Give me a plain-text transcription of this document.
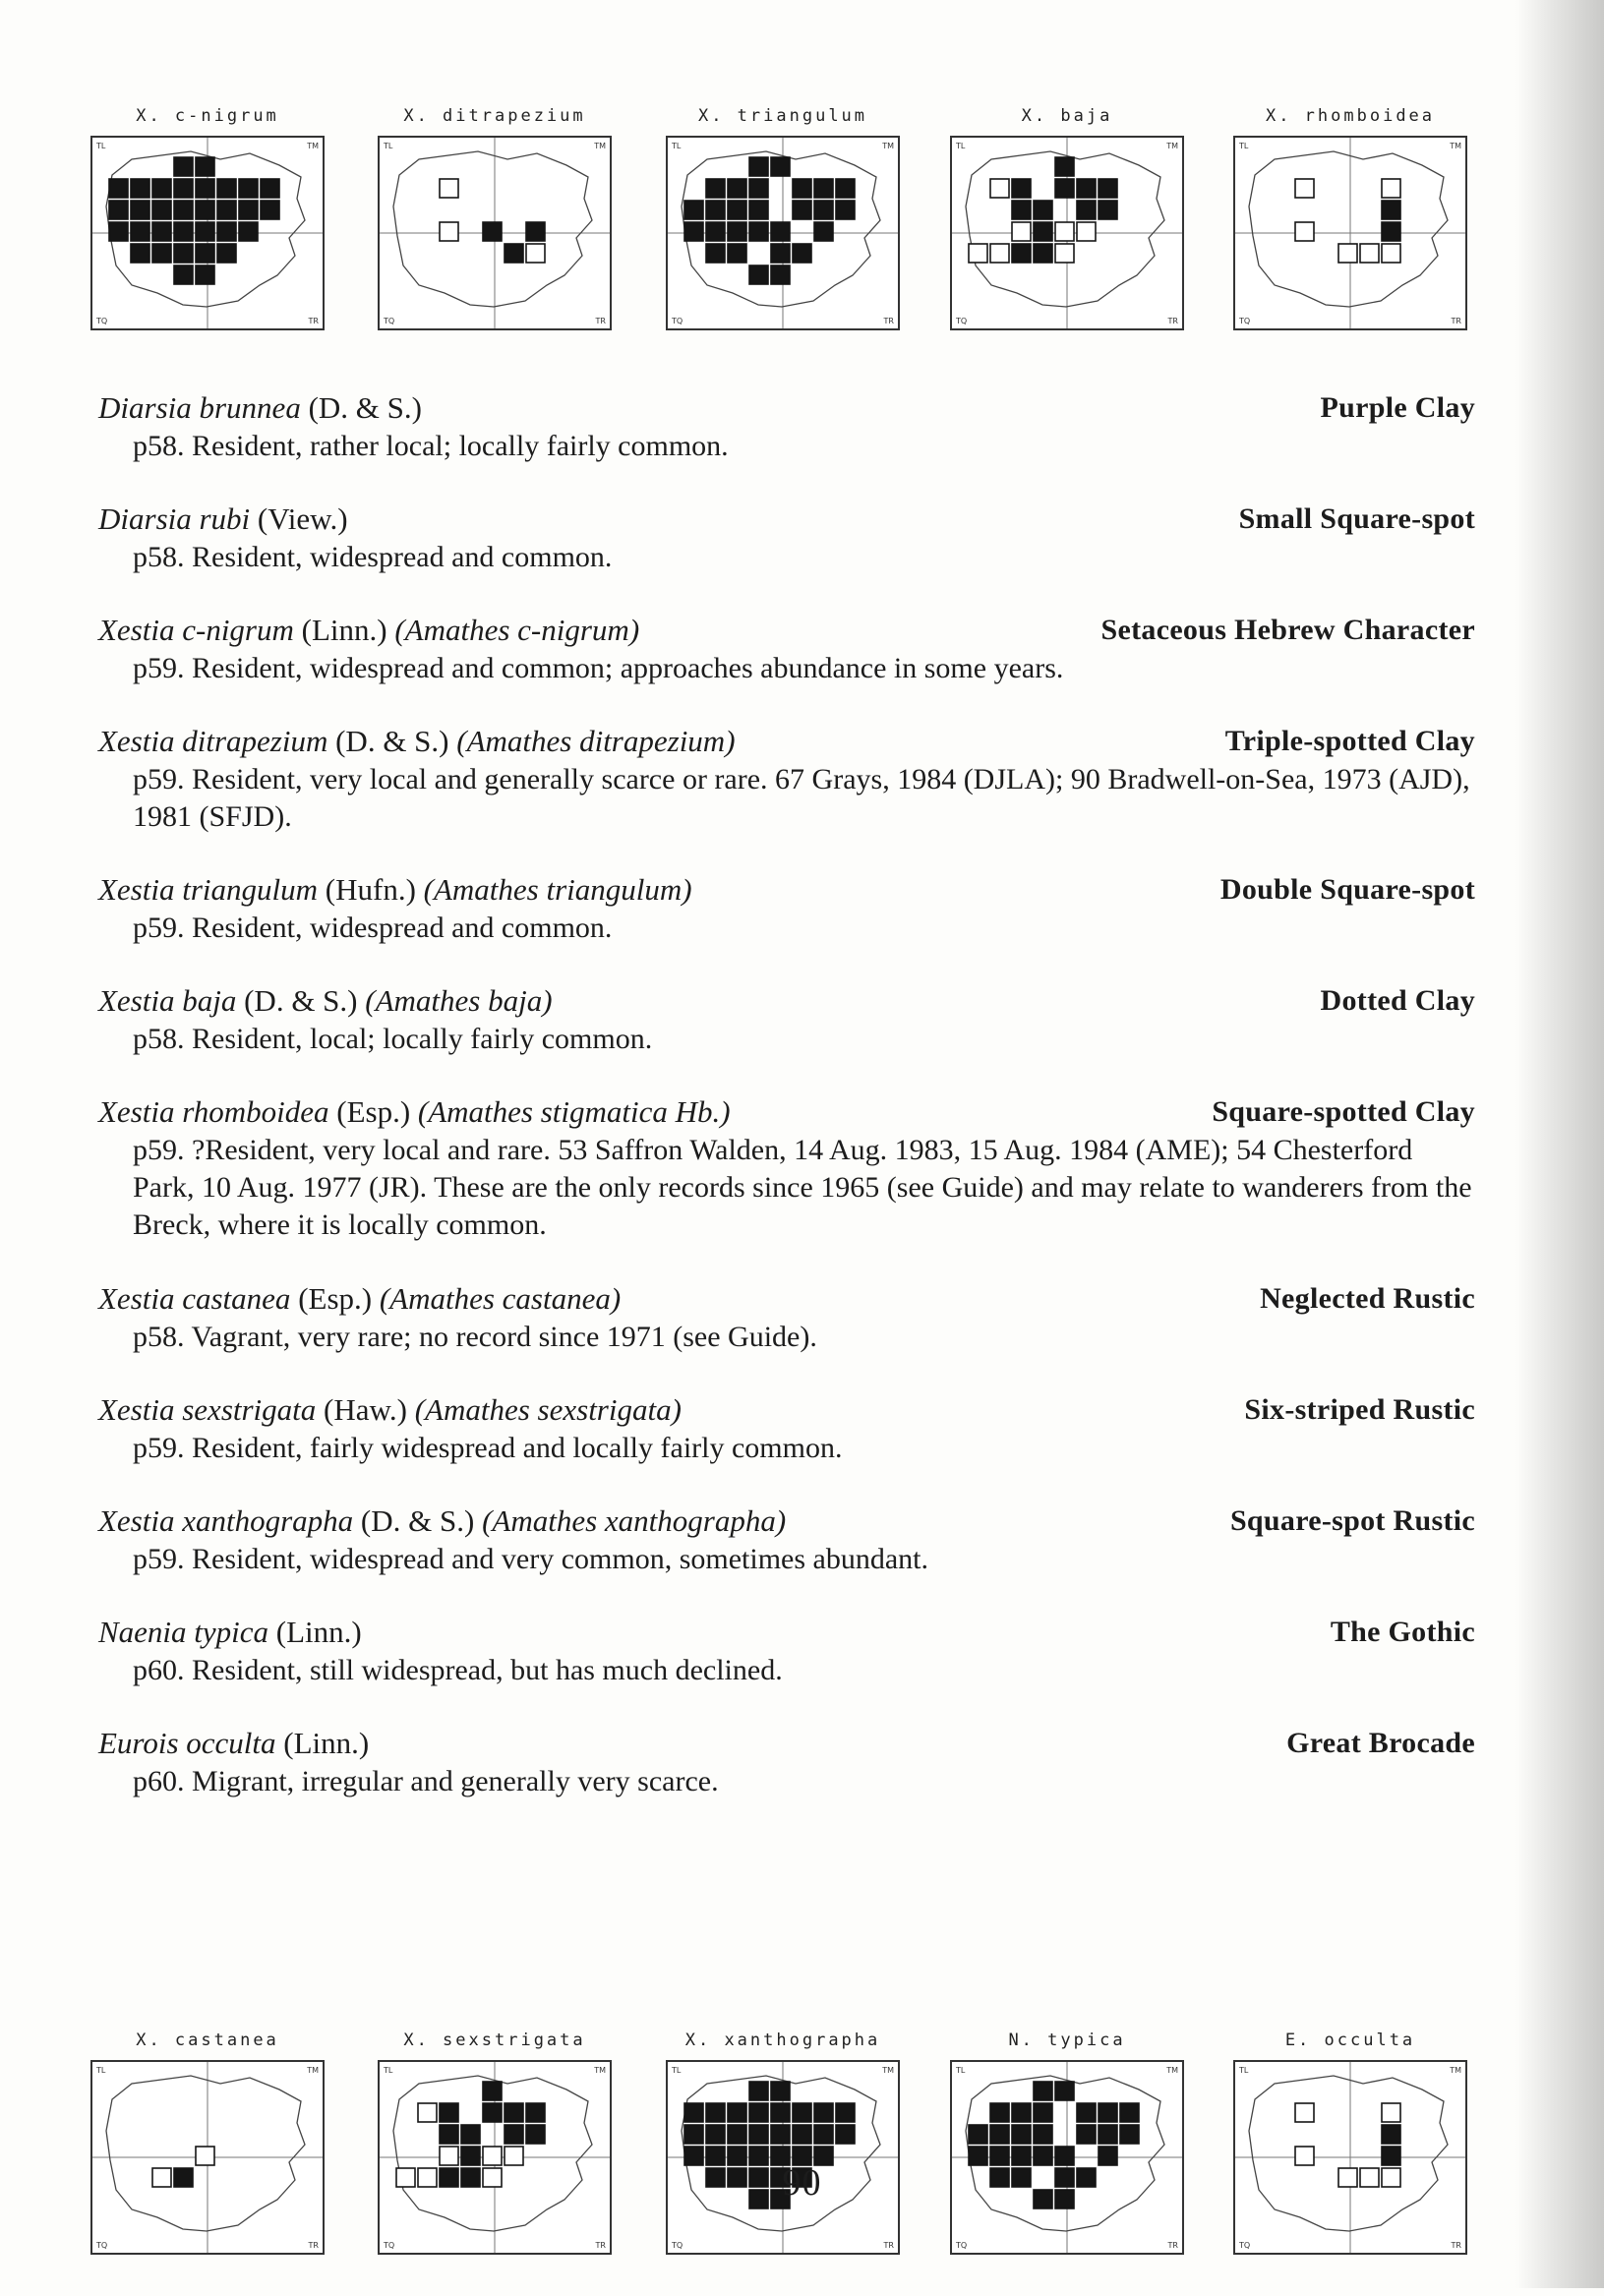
X. c-nigrum
TL	TM
TQ	TR
X. ditrapezium
TL	TM
TQ	TR
X. triangulum
TL	TM
TQ	TR
X. baja
TL	TM
TQ	TR
X. rhomboidea
TL	TM
TQ	TR
Diarsia brunnea (D. & S.)	Purple Clay
p58. Resident, rather local; locally fairly common.
Diarsia rubi (View.)	Small Square-spot
p58. Resident, widespread and common.
Xestia c-nigrum (Linn.) (Amathes c-nigrum)	Setaceous Hebrew Character
p59. Resident, widespread and common; approaches abundance in some years.
Xestia ditrapezium (D. & S.) (Amathes ditrapezium)	Triple-spotted Clay
p59. Resident, very local and generally scarce or rare. 67 Grays, 1984 (DJLA); 90 Bradwell-on-Sea, 1973 (AJD), 1981 (SFJD).
Xestia triangulum (Hufn.) (Amathes triangulum)	Double Square-spot
p59. Resident, widespread and common.
Xestia baja (D. & S.) (Amathes baja)	Dotted Clay
p58. Resident, local; locally fairly common.
Xestia rhomboidea (Esp.) (Amathes stigmatica Hb.)	Square-spotted Clay
p59. ?Resident, very local and rare. 53 Saffron Walden, 14 Aug. 1983, 15 Aug. 1984 (AME); 54 Chesterford Park, 10 Aug. 1977 (JR). These are the only records since 1965 (see Guide) and may relate to wanderers from the Breck, where it is locally common.
Xestia castanea (Esp.) (Amathes castanea)	Neglected Rustic
p58. Vagrant, very rare; no record since 1971 (see Guide).
Xestia sexstrigata (Haw.) (Amathes sexstrigata)	Six-striped Rustic
p59. Resident, fairly widespread and locally fairly common.
Xestia xanthographa (D. & S.) (Amathes xanthographa)	Square-spot Rustic
p59. Resident, widespread and very common, sometimes abundant.
Naenia typica (Linn.)	The Gothic
p60. Resident, still widespread, but has much declined.
Eurois occulta (Linn.)	Great Brocade
p60. Migrant, irregular and generally very scarce.
X. castanea
TL	TM
TQ	TR
X. sexstrigata
TL	TM
TQ	TR
X. xanthographa
TL	TM
TQ	TR
N. typica
TL	TM
TQ	TR
E. occulta
TL	TM
TQ	TR
90
